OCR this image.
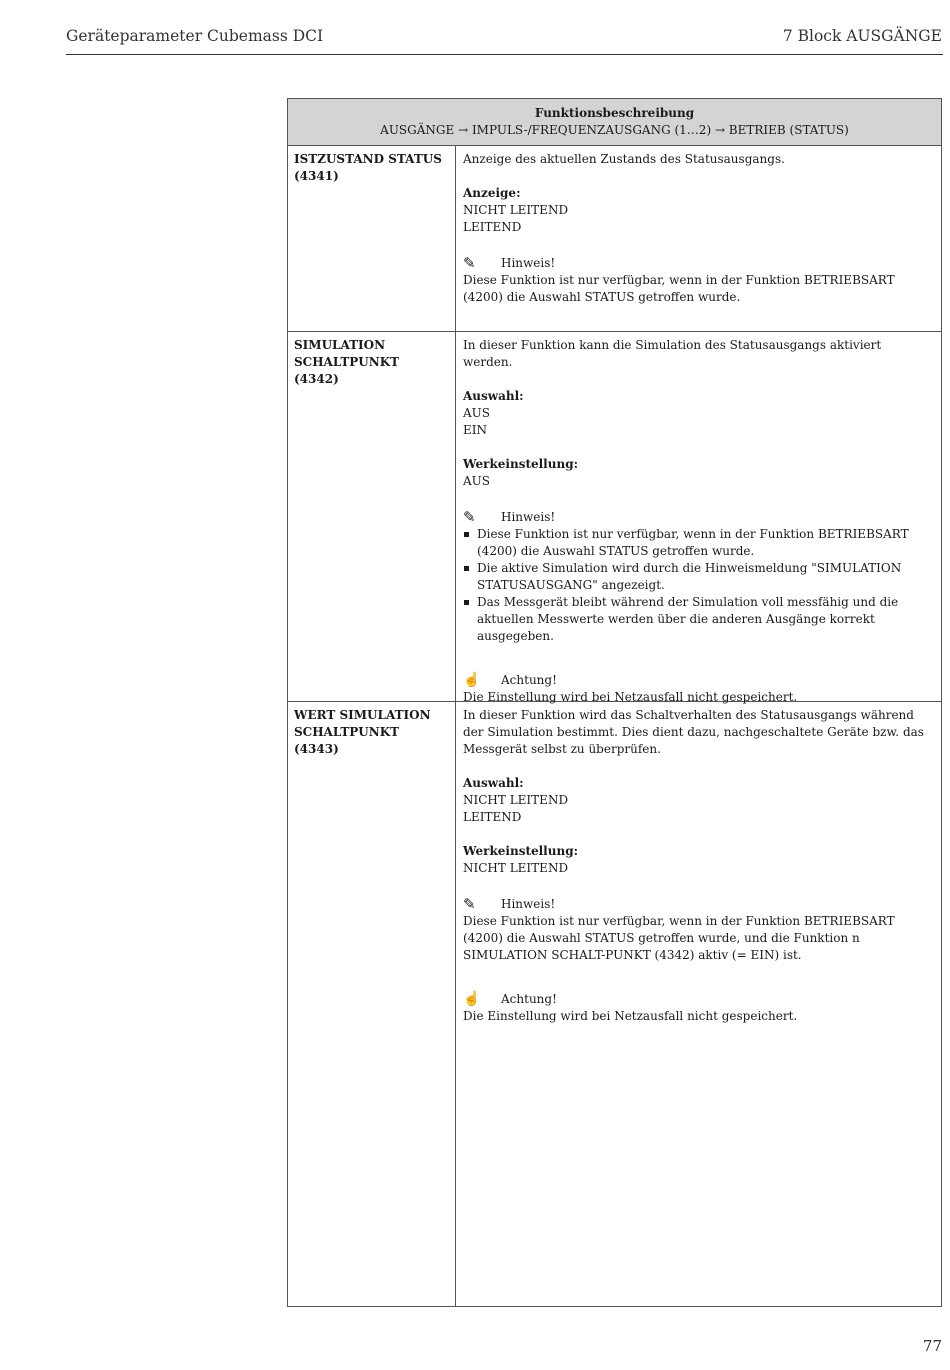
Geräteparameter Cubemass DCI	7 Block AUSGÄNGE
Funktionsbeschreibung
AUSGÄNGE → IMPULS-/FREQUENZAUSGANG (1…2) → BETRIEB (STATUS)
ISTZUSTAND STATUS
(4341)
Anzeige des aktuellen Zustands des Statusausgangs.
Anzeige:
NICHT LEITEND
LEITEND
✎	Hinweis!
Diese Funktion ist nur verfügbar, wenn in der Funktion BETRIEBSART (4200) die Auswahl STATUS getroffen wurde.
SIMULATION
SCHALTPUNKT
(4342)
In dieser Funktion kann die Simulation des Statusausgangs aktiviert werden.
Auswahl:
AUS
EIN
Werkeinstellung:
AUS
✎	Hinweis!
Diese Funktion ist nur verfügbar, wenn in der Funktion BETRIEBSART (4200) die Auswahl STATUS getroffen wurde.
Die aktive Simulation wird durch die Hinweismeldung "SIMULATION STATUSAUSGANG" angezeigt.
Das Messgerät bleibt während der Simulation voll messfähig und die aktuellen Messwerte werden über die anderen Ausgänge korrekt ausgegeben.
☝	Achtung!
Die Einstellung wird bei Netzausfall nicht gespeichert.
WERT SIMULATION
SCHALTPUNKT
(4343)
In dieser Funktion wird das Schaltverhalten des Statusausgangs während der Simulation bestimmt. Dies dient dazu, nachgeschaltete Geräte bzw. das Messgerät selbst zu überprüfen.
Auswahl:
NICHT LEITEND
LEITEND
Werkeinstellung:
NICHT LEITEND
✎	Hinweis!
Diese Funktion ist nur verfügbar, wenn in der Funktion BETRIEBSART (4200) die Auswahl STATUS getroffen wurde, und die Funktion n SIMULATION SCHALT-PUNKT (4342) aktiv (= EIN) ist.
☝	Achtung!
Die Einstellung wird bei Netzausfall nicht gespeichert.
77
